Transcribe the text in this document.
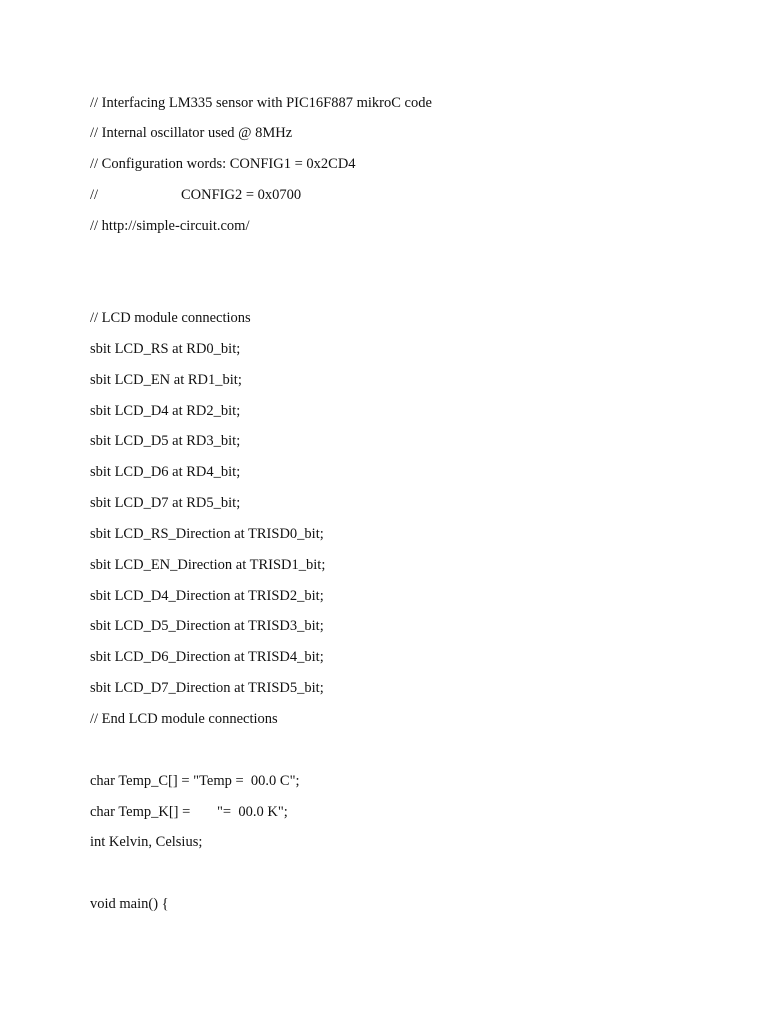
// Interfacing LM335 sensor with PIC16F887 mikroC code
// Internal oscillator used @ 8MHz
// Configuration words: CONFIG1 = 0x2CD4
//	CONFIG2 = 0x0700
// http://simple-circuit.com/
// LCD module connections
sbit LCD_RS at RD0_bit;
sbit LCD_EN at RD1_bit;
sbit LCD_D4 at RD2_bit;
sbit LCD_D5 at RD3_bit;
sbit LCD_D6 at RD4_bit;
sbit LCD_D7 at RD5_bit;
sbit LCD_RS_Direction at TRISD0_bit;
sbit LCD_EN_Direction at TRISD1_bit;
sbit LCD_D4_Direction at TRISD2_bit;
sbit LCD_D5_Direction at TRISD3_bit;
sbit LCD_D6_Direction at TRISD4_bit;
sbit LCD_D7_Direction at TRISD5_bit;
// End LCD module connections
char Temp_C[] = "Temp =  00.0 C";
char Temp_K[] = "=  00.0 K";
int Kelvin, Celsius;
void main() {
